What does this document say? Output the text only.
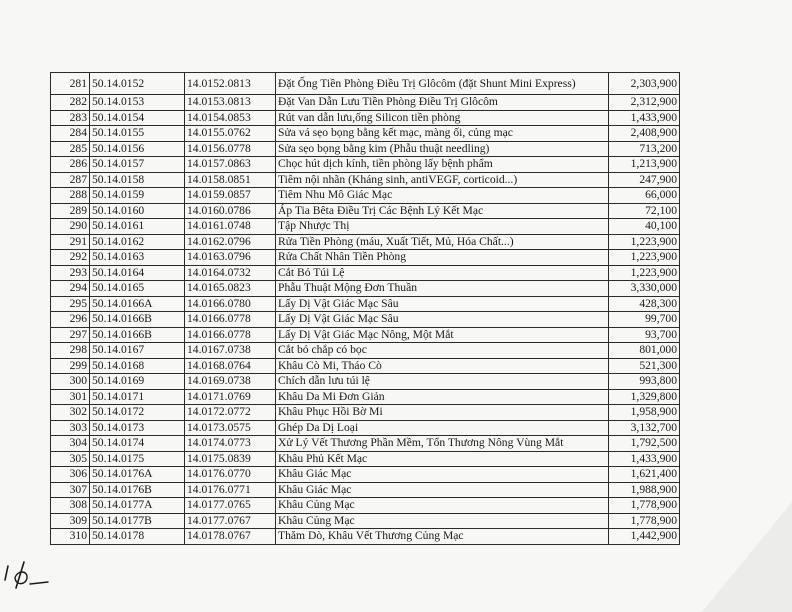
281	50.14.0152	14.0152.0813	Đặt Ống Tiền Phòng Điều Trị Glôcôm (đặt Shunt Mini Express)	2,303,900
282	50.14.0153	14.0153.0813	Đặt Van Dẫn Lưu Tiền Phòng Điều Trị Glôcôm	2,312,900
283	50.14.0154	14.0154.0853	Rút van dẫn lưu,ống Silicon tiền phòng	1,433,900
284	50.14.0155	14.0155.0762	Sửa vá sẹo bọng bằng kết mạc, màng ối, củng mạc	2,408,900
285	50.14.0156	14.0156.0778	Sửa sẹo bọng bằng kim (Phẫu thuật needling)	713,200
286	50.14.0157	14.0157.0863	Chọc hút dịch kính, tiền phòng lấy bệnh phẩm	1,213,900
287	50.14.0158	14.0158.0851	Tiêm nội nhãn (Kháng sinh, antiVEGF, corticoid...)	247,900
288	50.14.0159	14.0159.0857	Tiêm Nhu Mô Giác Mạc	66,000
289	50.14.0160	14.0160.0786	Áp Tia Bêta Điều Trị Các Bệnh Lý Kết Mạc	72,100
290	50.14.0161	14.0161.0748	Tập Nhược Thị	40,100
291	50.14.0162	14.0162.0796	Rửa Tiền Phòng (máu, Xuất Tiết, Mủ, Hóa Chất...)	1,223,900
292	50.14.0163	14.0163.0796	Rửa Chất Nhân Tiền Phòng	1,223,900
293	50.14.0164	14.0164.0732	Cắt Bỏ Túi Lệ	1,223,900
294	50.14.0165	14.0165.0823	Phẫu Thuật Mộng Đơn Thuần	3,330,000
295	50.14.0166A	14.0166.0780	Lấy Dị Vật Giác Mạc Sâu	428,300
296	50.14.0166B	14.0166.0778	Lấy Dị Vật Giác Mạc Sâu	99,700
297	50.14.0166B	14.0166.0778	Lấy Dị Vật Giác Mạc Nông, Một Mắt	93,700
298	50.14.0167	14.0167.0738	Cắt bỏ chắp có bọc	801,000
299	50.14.0168	14.0168.0764	Khâu Cò Mi, Tháo Cò	521,300
300	50.14.0169	14.0169.0738	Chích dẫn lưu túi lệ	993,800
301	50.14.0171	14.0171.0769	Khâu Da Mi Đơn Giản	1,329,800
302	50.14.0172	14.0172.0772	Khâu Phục Hồi Bờ Mi	1,958,900
303	50.14.0173	14.0173.0575	Ghép Da Dị Loại	3,132,700
304	50.14.0174	14.0174.0773	Xử Lý Vết Thương Phần Mềm, Tổn Thương Nông Vùng Mắt	1,792,500
305	50.14.0175	14.0175.0839	Khâu Phủ Kết Mạc	1,433,900
306	50.14.0176A	14.0176.0770	Khâu Giác Mạc	1,621,400
307	50.14.0176B	14.0176.0771	Khâu Giác Mạc	1,988,900
308	50.14.0177A	14.0177.0765	Khâu Củng Mạc	1,778,900
309	50.14.0177B	14.0177.0767	Khâu Củng Mạc	1,778,900
310	50.14.0178	14.0178.0767	Thăm Dò, Khâu Vết Thương Củng Mạc	1,442,900
